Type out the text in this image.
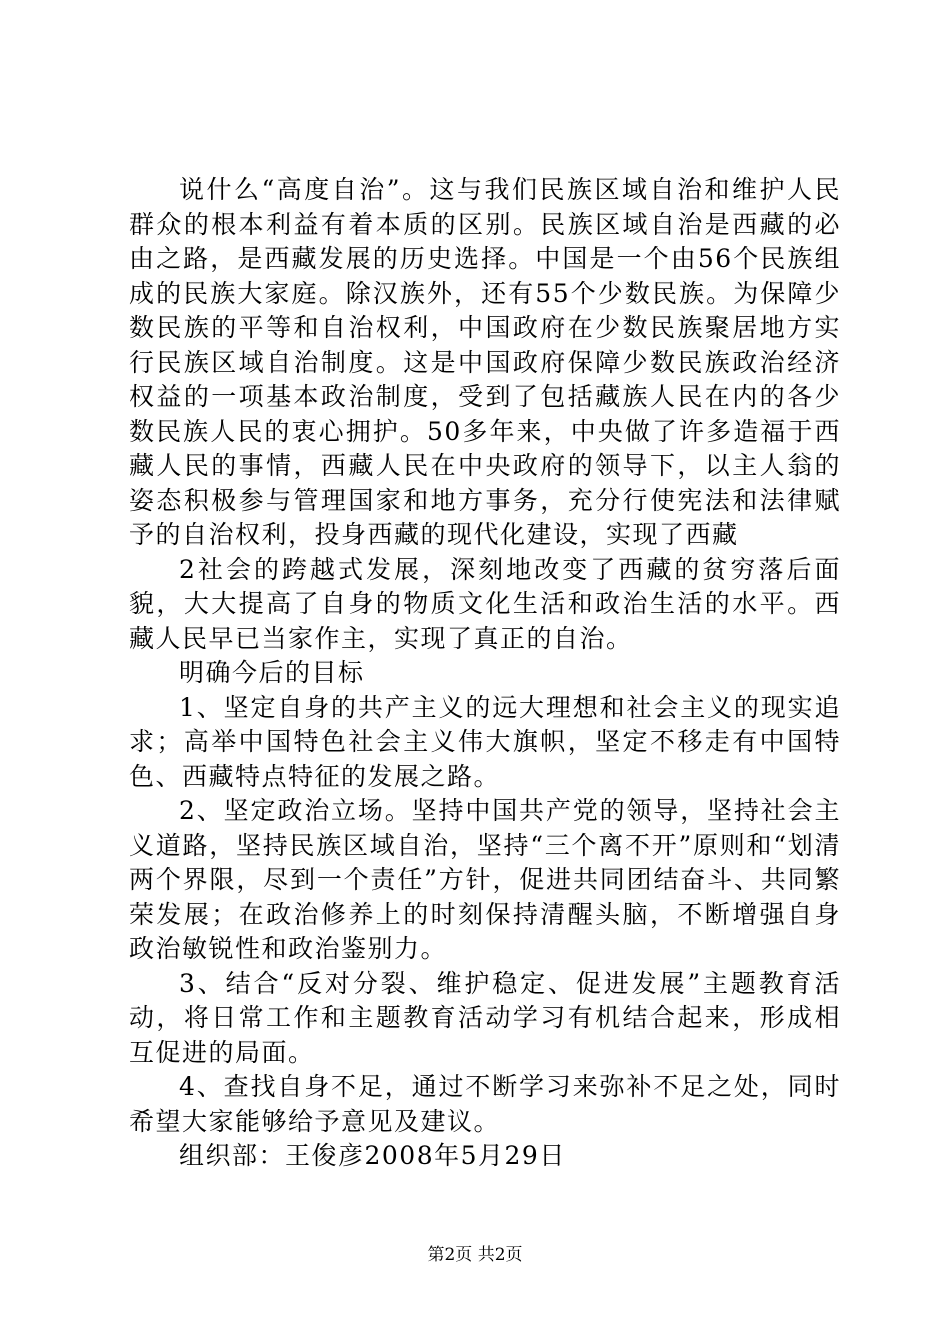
说什么“高度自治”。这与我们民族区域自治和维护人民群众的根本利益有着本质的区别。民族区域自治是西藏的必由之路，是西藏发展的历史选择。中国是一个由56个民族组成的民族大家庭。除汉族外，还有55个少数民族。为保障少数民族的平等和自治权利，中国政府在少数民族聚居地方实行民族区域自治制度。这是中国政府保障少数民族政治经济权益的一项基本政治制度，受到了包括藏族人民在内的各少数民族人民的衷心拥护。50多年来，中央做了许多造福于西藏人民的事情，西藏人民在中央政府的领导下，以主人翁的姿态积极参与管理国家和地方事务，充分行使宪法和法律赋予的自治权利，投身西藏的现代化建设，实现了西藏

2社会的跨越式发展，深刻地改变了西藏的贫穷落后面貌，大大提高了自身的物质文化生活和政治生活的水平。西藏人民早已当家作主，实现了真正的自治。

明确今后的目标

1、坚定自身的共产主义的远大理想和社会主义的现实追求；高举中国特色社会主义伟大旗帜，坚定不移走有中国特色、西藏特点特征的发展之路。

2、坚定政治立场。坚持中国共产党的领导，坚持社会主义道路，坚持民族区域自治，坚持“三个离不开”原则和“划清两个界限，尽到一个责任”方针，促进共同团结奋斗、共同繁荣发展；在政治修养上的时刻保持清醒头脑，不断增强自身政治敏锐性和政治鉴别力。

3、结合“反对分裂、维护稳定、促进发展”主题教育活动，将日常工作和主题教育活动学习有机结合起来，形成相互促进的局面。

4、查找自身不足，通过不断学习来弥补不足之处，同时希望大家能够给予意见及建议。

组织部：王俊彦2008年5月29日

第2页 共2页
